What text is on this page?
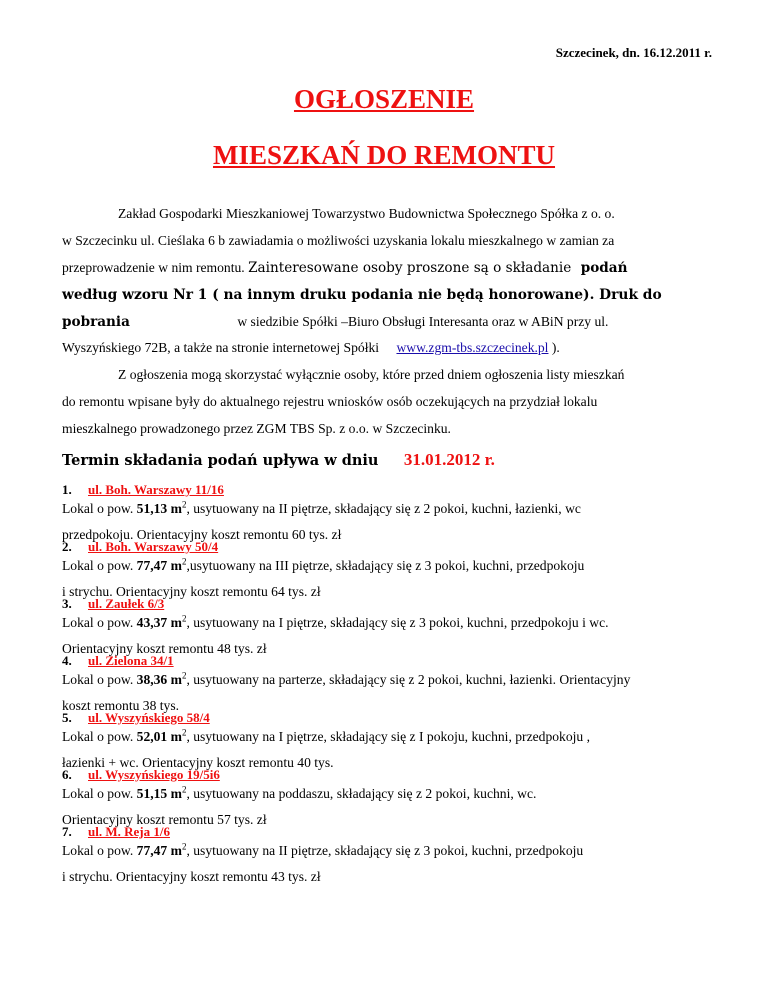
Szczecinek, dn. 16.12.2011 r.
OGŁOSZENIE
MIESZKAŃ DO REMONTU
Zakład Gospodarki Mieszkaniowej Towarzystwo Budownictwa Społecznego Spółka z o. o.
w Szczecinku ul. Cieślaka 6 b zawiadamia o możliwości uzyskania lokalu mieszkalnego w zamian za
przeprowadzenie w nim remontu. Zainteresowane osoby proszone są o składanie podań
według wzoru Nr 1 ( na innym druku podania nie będą honorowane). Druk do
pobrania	w siedzibie Spółki –Biuro Obsługi Interesanta oraz w ABiN przy ul.
Wyszyńskiego 72B, a także na stronie internetowej Spółki www.zgm-tbs.szczecinek.pl ).
Z ogłoszenia mogą skorzystać wyłącznie osoby, które przed dniem ogłoszenia listy mieszkań
do remontu wpisane były do aktualnego rejestru wniosków osób oczekujących na przydział lokalu
mieszkalnego prowadzonego przez ZGM TBS Sp. z o.o. w Szczecinku.
Termin składania podań upływa w dniu 31.01.2012 r.
1. ul. Boh. Warszawy 11/16
Lokal o pow. 51,13 $m^2$, usytuowany na II piętrze, składający się z 2 pokoi, kuchni, łazienki, wc
przedpokoju. Orientacyjny koszt remontu 60 tys. zł
2. ul. Boh. Warszawy 50/4
Lokal o pow. 77,47 $m^2,usytuowany$ na III piętrze, składający się z 3 pokoi, kuchni, przedpokoju
i strychu. Orientacyjny koszt remontu 64 tys. zł
3. ul. Zaułek 6/3
Lokal o pow. 43,37 $m^2$, usytuowany na I piętrze, składający się z 3 pokoi, kuchni, przedpokoju i wc.
Orientacyjny koszt remontu 48 tys. zł
4. ul. Zielona 34/1
Lokal o pow. 38,36 $m^2$, usytuowany na parterze, składający się z 2 pokoi, kuchni, łazienki. Orientacyjny
koszt remontu 38 tys.
5. ul. Wyszyńskiego 58/4
Lokal o pow. 52,01 $m^2$, usytuowany na I piętrze, składający się z I pokoju, kuchni, przedpokoju ,
łazienki + wc. Orientacyjny koszt remontu 40 tys.
6. ul. Wyszyńskiego 19/5i6
Lokal o pow. 51,15 $m^2$, usytuowany na poddaszu, składający się z 2 pokoi, kuchni, wc.
Orientacyjny koszt remontu 57 tys. zł
7. ul. M. Reja 1/6
Lokal o pow. 77,47 $m^2$, usytuowany na II piętrze, składający się z 3 pokoi, kuchni, przedpokoju
i strychu. Orientacyjny koszt remontu 43 tys. zł
